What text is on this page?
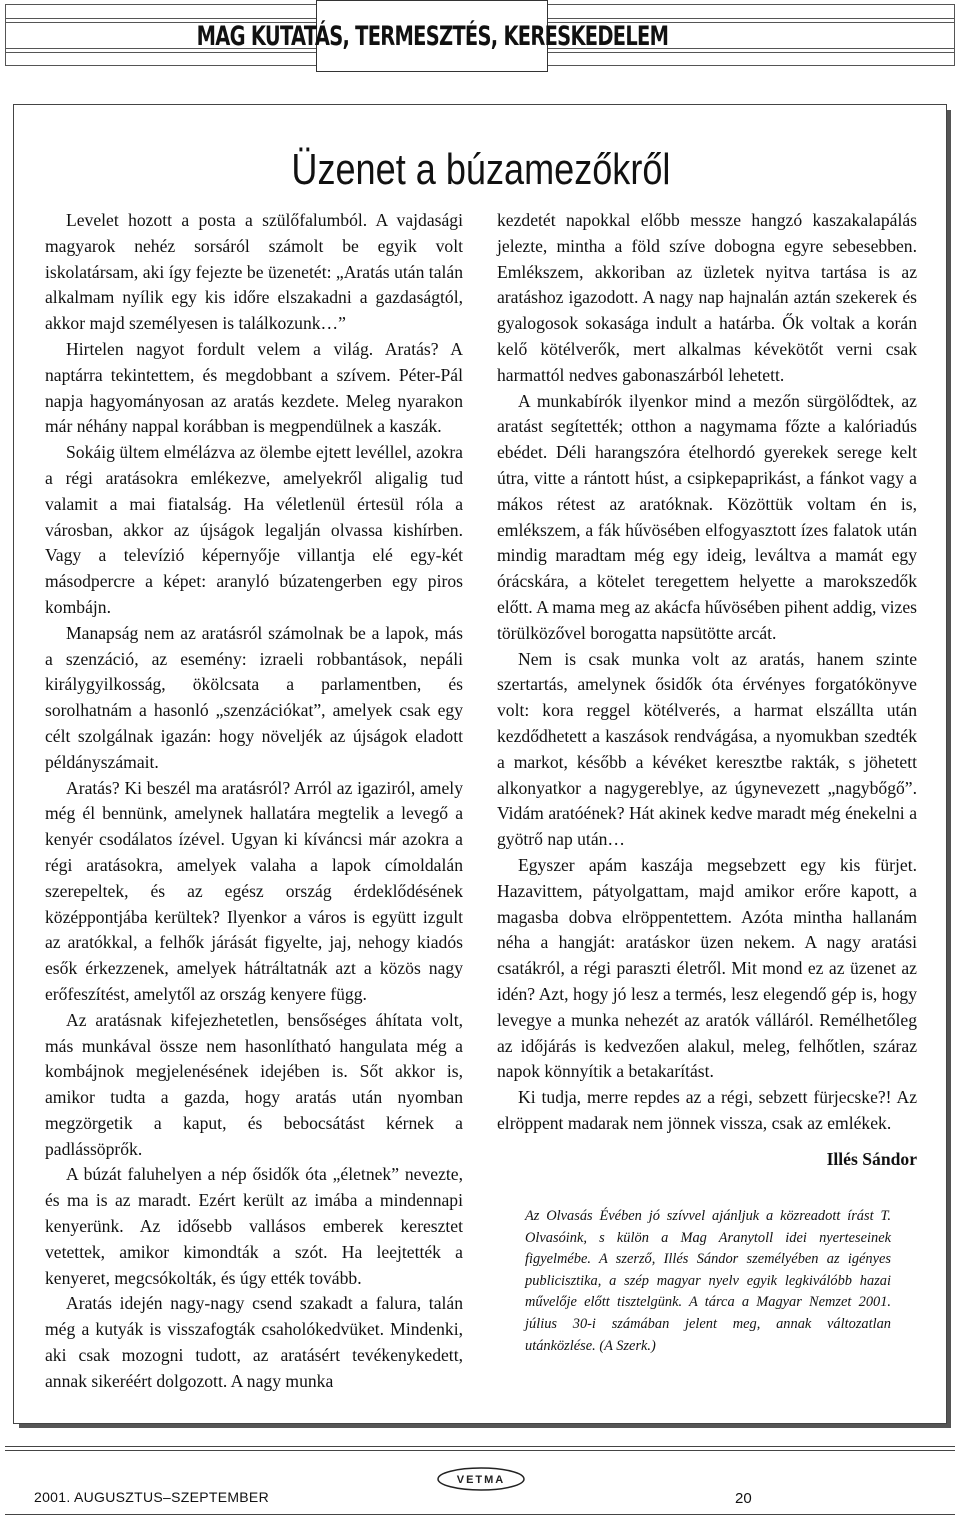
MAG KUTATÁS, TERMESZTÉS, KERESKEDELEM
Üzenet a búzamezőkről

Levelet hozott a posta a szülőfalumból. A vajdasági magyarok nehéz sorsáról számolt be egyik volt iskolatársam, aki így fejezte be üzenetét: „Aratás után talán alkalmam nyílik egy kis időre elszakadni a gazdaságtól, akkor majd személyesen is találkozunk…”

Hirtelen nagyot fordult velem a világ. Aratás? A naptárra tekintettem, és megdobbant a szívem. Péter-Pál napja hagyományosan az aratás kezdete. Meleg nyarakon már néhány nappal korábban is megpendülnek a kaszák.

Sokáig ültem elmélázva az ölembe ejtett levéllel, azokra a régi aratásokra emlékezve, amelyekről aligalig tud valamit a mai fiatalság. Ha véletlenül értesül róla a városban, akkor az újságok legalján olvassa kishírben. Vagy a televízió képernyője villantja elé egy-két másodpercre a képet: aranyló búzatengerben egy piros kombájn.

Manapság nem az aratásról számolnak be a lapok, más a szenzáció, az esemény: izraeli robbantások, nepáli királygyilkosság, ökölcsata a parlamentben, és sorolhatnám a hasonló „szenzációkat”, amelyek csak egy célt szolgálnak igazán: hogy növeljék az újságok eladott példányszámait.

Aratás? Ki beszél ma aratásról? Arról az igaziról, amely még él bennünk, amelynek hallatára megtelik a levegő a kenyér csodálatos ízével. Ugyan ki kíváncsi már azokra a régi aratásokra, amelyek valaha a lapok címoldalán szerepeltek, és az egész ország érdeklődésének középpontjába kerültek? Ilyenkor a város is együtt izgult az aratókkal, a felhők járását figyelte, jaj, nehogy kiadós esők érkezzenek, amelyek hátráltatnák azt a közös nagy erőfeszítést, amelytől az ország kenyere függ.

Az aratásnak kifejezhetetlen, bensőséges áhítata volt, más munkával össze nem hasonlítható hangulata még a kombájnok megjelenésének idejében is. Sőt akkor is, amikor tudta a gazda, hogy aratás után nyomban megzörgetik a kaput, és bebocsátást kérnek a padlássöprők.

A búzát faluhelyen a nép ősidők óta „életnek” nevezte, és ma is az maradt. Ezért került az imába a mindennapi kenyerünk. Az idősebb vallásos emberek keresztet vetettek, amikor kimondták a szót. Ha leejtették a kenyeret, megcsókolták, és úgy ették tovább.

Aratás idején nagy-nagy csend szakadt a falura, talán még a kutyák is visszafogták csaholókedvüket. Mindenki, aki csak mozogni tudott, az aratásért tevékenykedett, annak sikeréért dolgozott. A nagy munka

kezdetét napokkal előbb messze hangzó kaszakalapálás jelezte, mintha a föld szíve dobogna egyre sebesebben. Emlékszem, akkoriban az üzletek nyitva tartása is az aratáshoz igazodott. A nagy nap hajnalán aztán szekerek és gyalogosok sokasága indult a határba. Ők voltak a korán kelő kötélverők, mert alkalmas kévekötőt verni csak harmattól nedves gabonaszárból lehetett.

A munkabírók ilyenkor mind a mezőn sürgölődtek, az aratást segítették; otthon a nagymama főzte a kalóriadús ebédet. Déli harangszóra ételhordó gyerekek serege kelt útra, vitte a rántott húst, a csipkepaprikást, a fánkot vagy a mákos rétest az aratóknak. Közöttük voltam én is, emlékszem, a fák hűvösében elfogyasztott ízes falatok után mindig maradtam még egy ideig, leváltva a mamát egy órácskára, a kötelet teregettem helyette a marokszedők előtt. A mama meg az akácfa hűvösében pihent addig, vizes törülközővel borogatta napsütötte arcát.

Nem is csak munka volt az aratás, hanem szinte szertartás, amelynek ősidők óta érvényes forgatókönyve volt: kora reggel kötélverés, a harmat elszállta után kezdődhetett a kaszások rendvágása, a nyomukban szedték a markot, később a kévéket keresztbe rakták, s jöhetett alkonyatkor a nagygereblye, az úgynevezett „nagybőgő”. Vidám aratóének? Hát akinek kedve maradt még énekelni a gyötrő nap után…

Egyszer apám kaszája megsebzett egy kis fürjet. Hazavittem, pátyolgattam, majd amikor erőre kapott, a magasba dobva elröppentettem. Azóta mintha hallanám néha a hangját: aratáskor üzen nekem. A nagy aratási csatákról, a régi paraszti életről. Mit mond ez az üzenet az idén? Azt, hogy jó lesz a termés, lesz elegendő gép is, hogy levegye a munka nehezét az aratók válláról. Remélhetőleg az időjárás is kedvezően alakul, meleg, felhőtlen, száraz napok könnyítik a betakarítást.

Ki tudja, merre repdes az a régi, sebzett fürjecske?! Az elröppent madarak nem jönnek vissza, csak az emlékek.

Illés Sándor

Az Olvasás Évében jó szívvel ajánljuk a közreadott írást T. Olvasóink, s külön a Mag Aranytoll idei nyerteseinek figyelmébe. A szerző, Illés Sándor személyében az igényes publicisztika, a szép magyar nyelv egyik legkiválóbb hazai művelője előtt tisztelgünk. A tárca a Magyar Nemzet 2001. július 30-i számában jelent meg, annak változatlan utánközlése. (A Szerk.)

2001. AUGUSZTUS–SZEPTEMBER
VETMA
20
